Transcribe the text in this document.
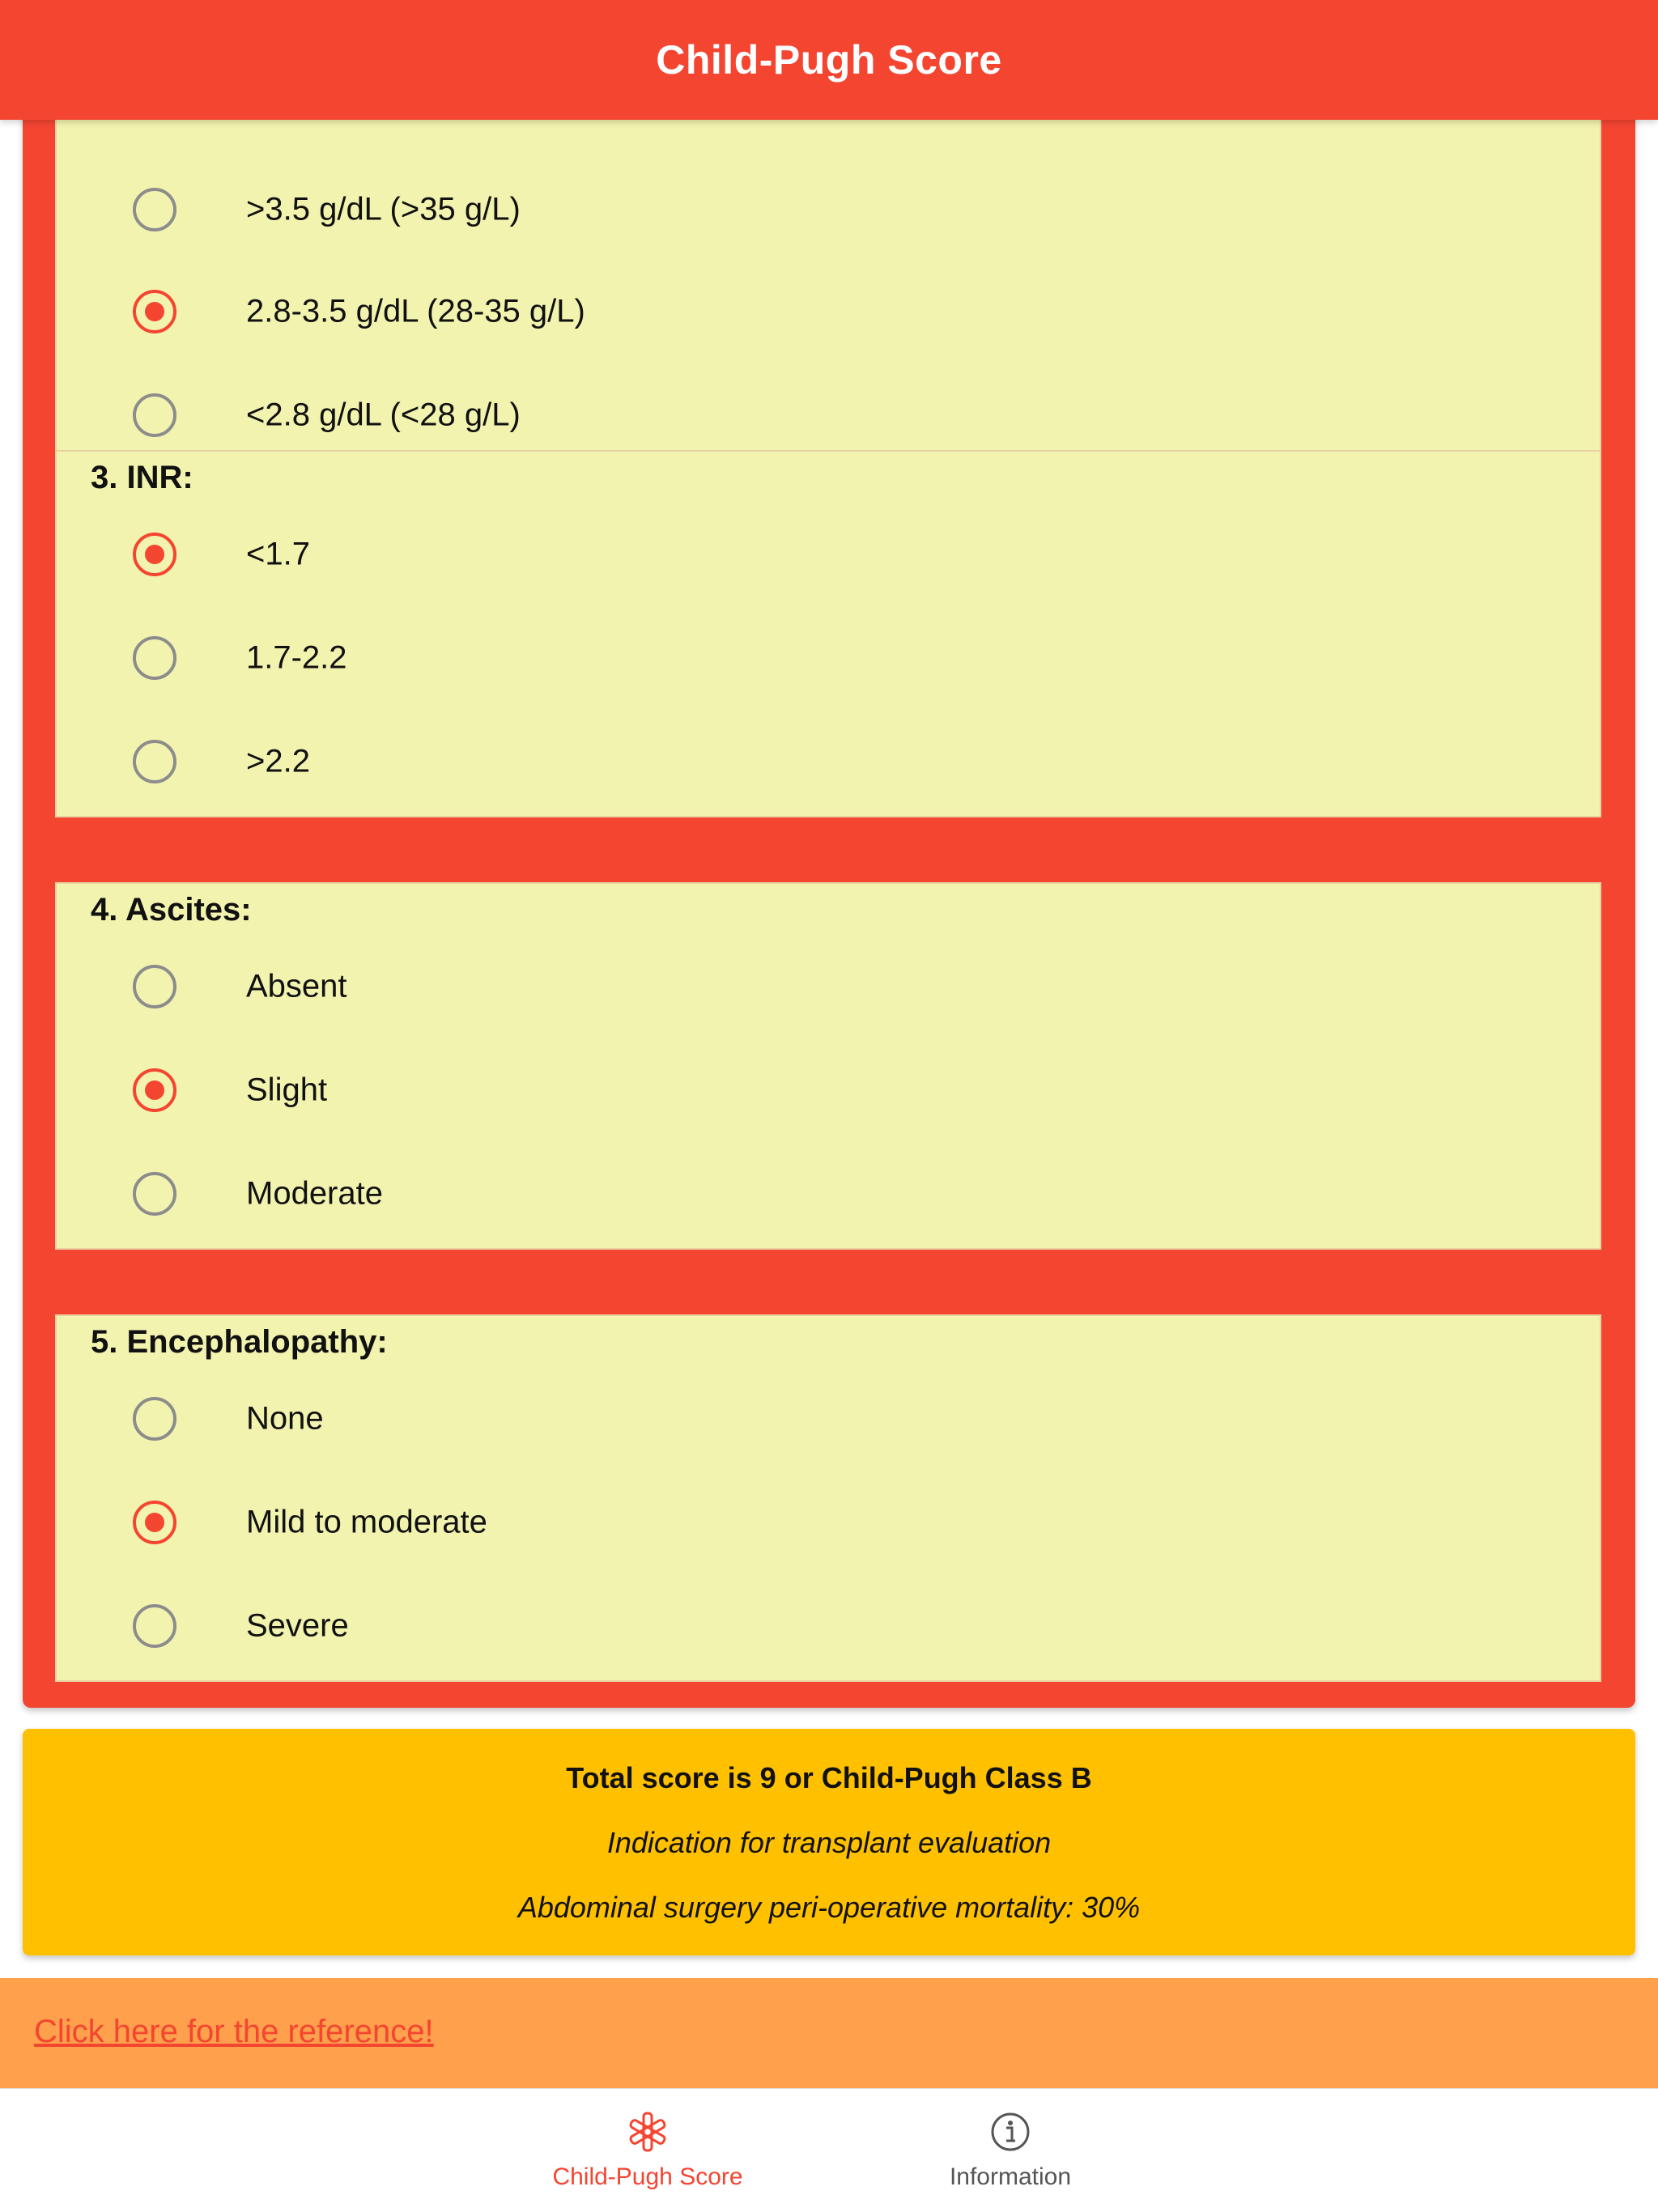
>3.5 g/dL (>35 g/L)
2.8-3.5 g/dL (28-35 g/L)
<2.8 g/dL (<28 g/L)
3. INR:
<1.7
1.7-2.2
>2.2
4. Ascites:
Absent
Slight
Moderate
5. Encephalopathy:
None
Mild to moderate
Severe
Child-Pugh Score
Total score is 9 or Child-Pugh Class B
Indication for transplant evaluation
Abdominal surgery peri-operative mortality: 30%
Click here for the reference!
Child-Pugh Score	Information
